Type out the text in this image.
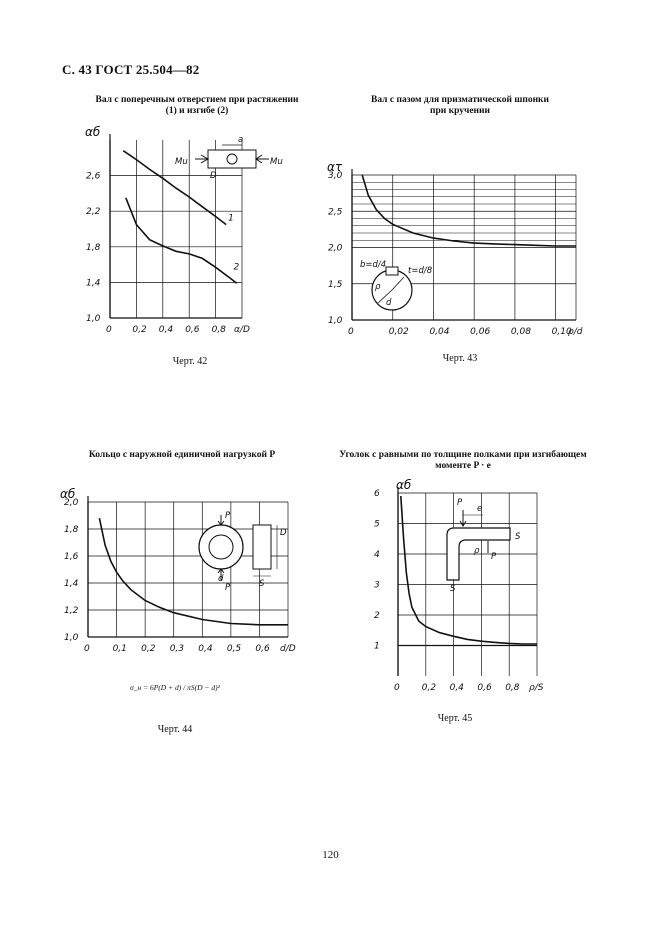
С. 43 ГОСТ 25.504—82
Вал с поперечным отверстием при растяжении
(1) и изгибе (2)
Вал с пазом для призматической шпонки
при кручении
Кольцо с наружной единичной нагрузкой P	Уголок с равными по толщине полками при изгибающем
моменте P · e
0 0,2 0,4 0,6 0,8
1,0
1,4
1,8
2,2
2,6
αб
α/D
1
2
Mu	Mu
a
D
0	0,02 0,04 0,06 0,08 0,10
1,0
1,5
2,0
2,5
3,0
ατ
ρ/d
b=d/4
t=d/8
ρ
d
0	0,1 0,2 0,3 0,4 0,5 0,6
1,0
1,2
1,4
1,6
1,8
2,0
αб
d/D
P
P
d
D
S
0 0,2 0,4 0,6 0,8
1
2
3
4
5
6
αб
ρ/S
P
e
P
ρ
S
S
Черт. 42	Черт. 43
σ_н = 6P(D + d) / πS(D − d)²
Черт. 44
Черт. 45
120
